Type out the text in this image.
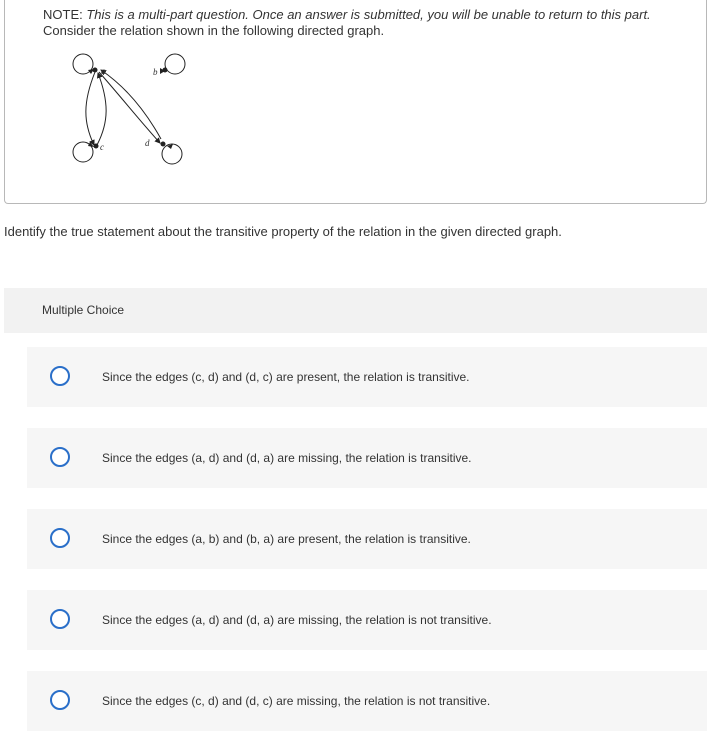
NOTE: This is a multi-part question. Once an answer is submitted, you will be unable to return to this part.
Consider the relation shown in the following directed graph.
a	b
c	d
Identify the true statement about the transitive property of the relation in the given directed graph.
Multiple Choice
Since the edges (c, d) and (d, c) are present, the relation is transitive.
Since the edges (a, d) and (d, a) are missing, the relation is transitive.
Since the edges (a, b) and (b, a) are present, the relation is transitive.
Since the edges (a, d) and (d, a) are missing, the relation is not transitive.
Since the edges (c, d) and (d, c) are missing, the relation is not transitive.
